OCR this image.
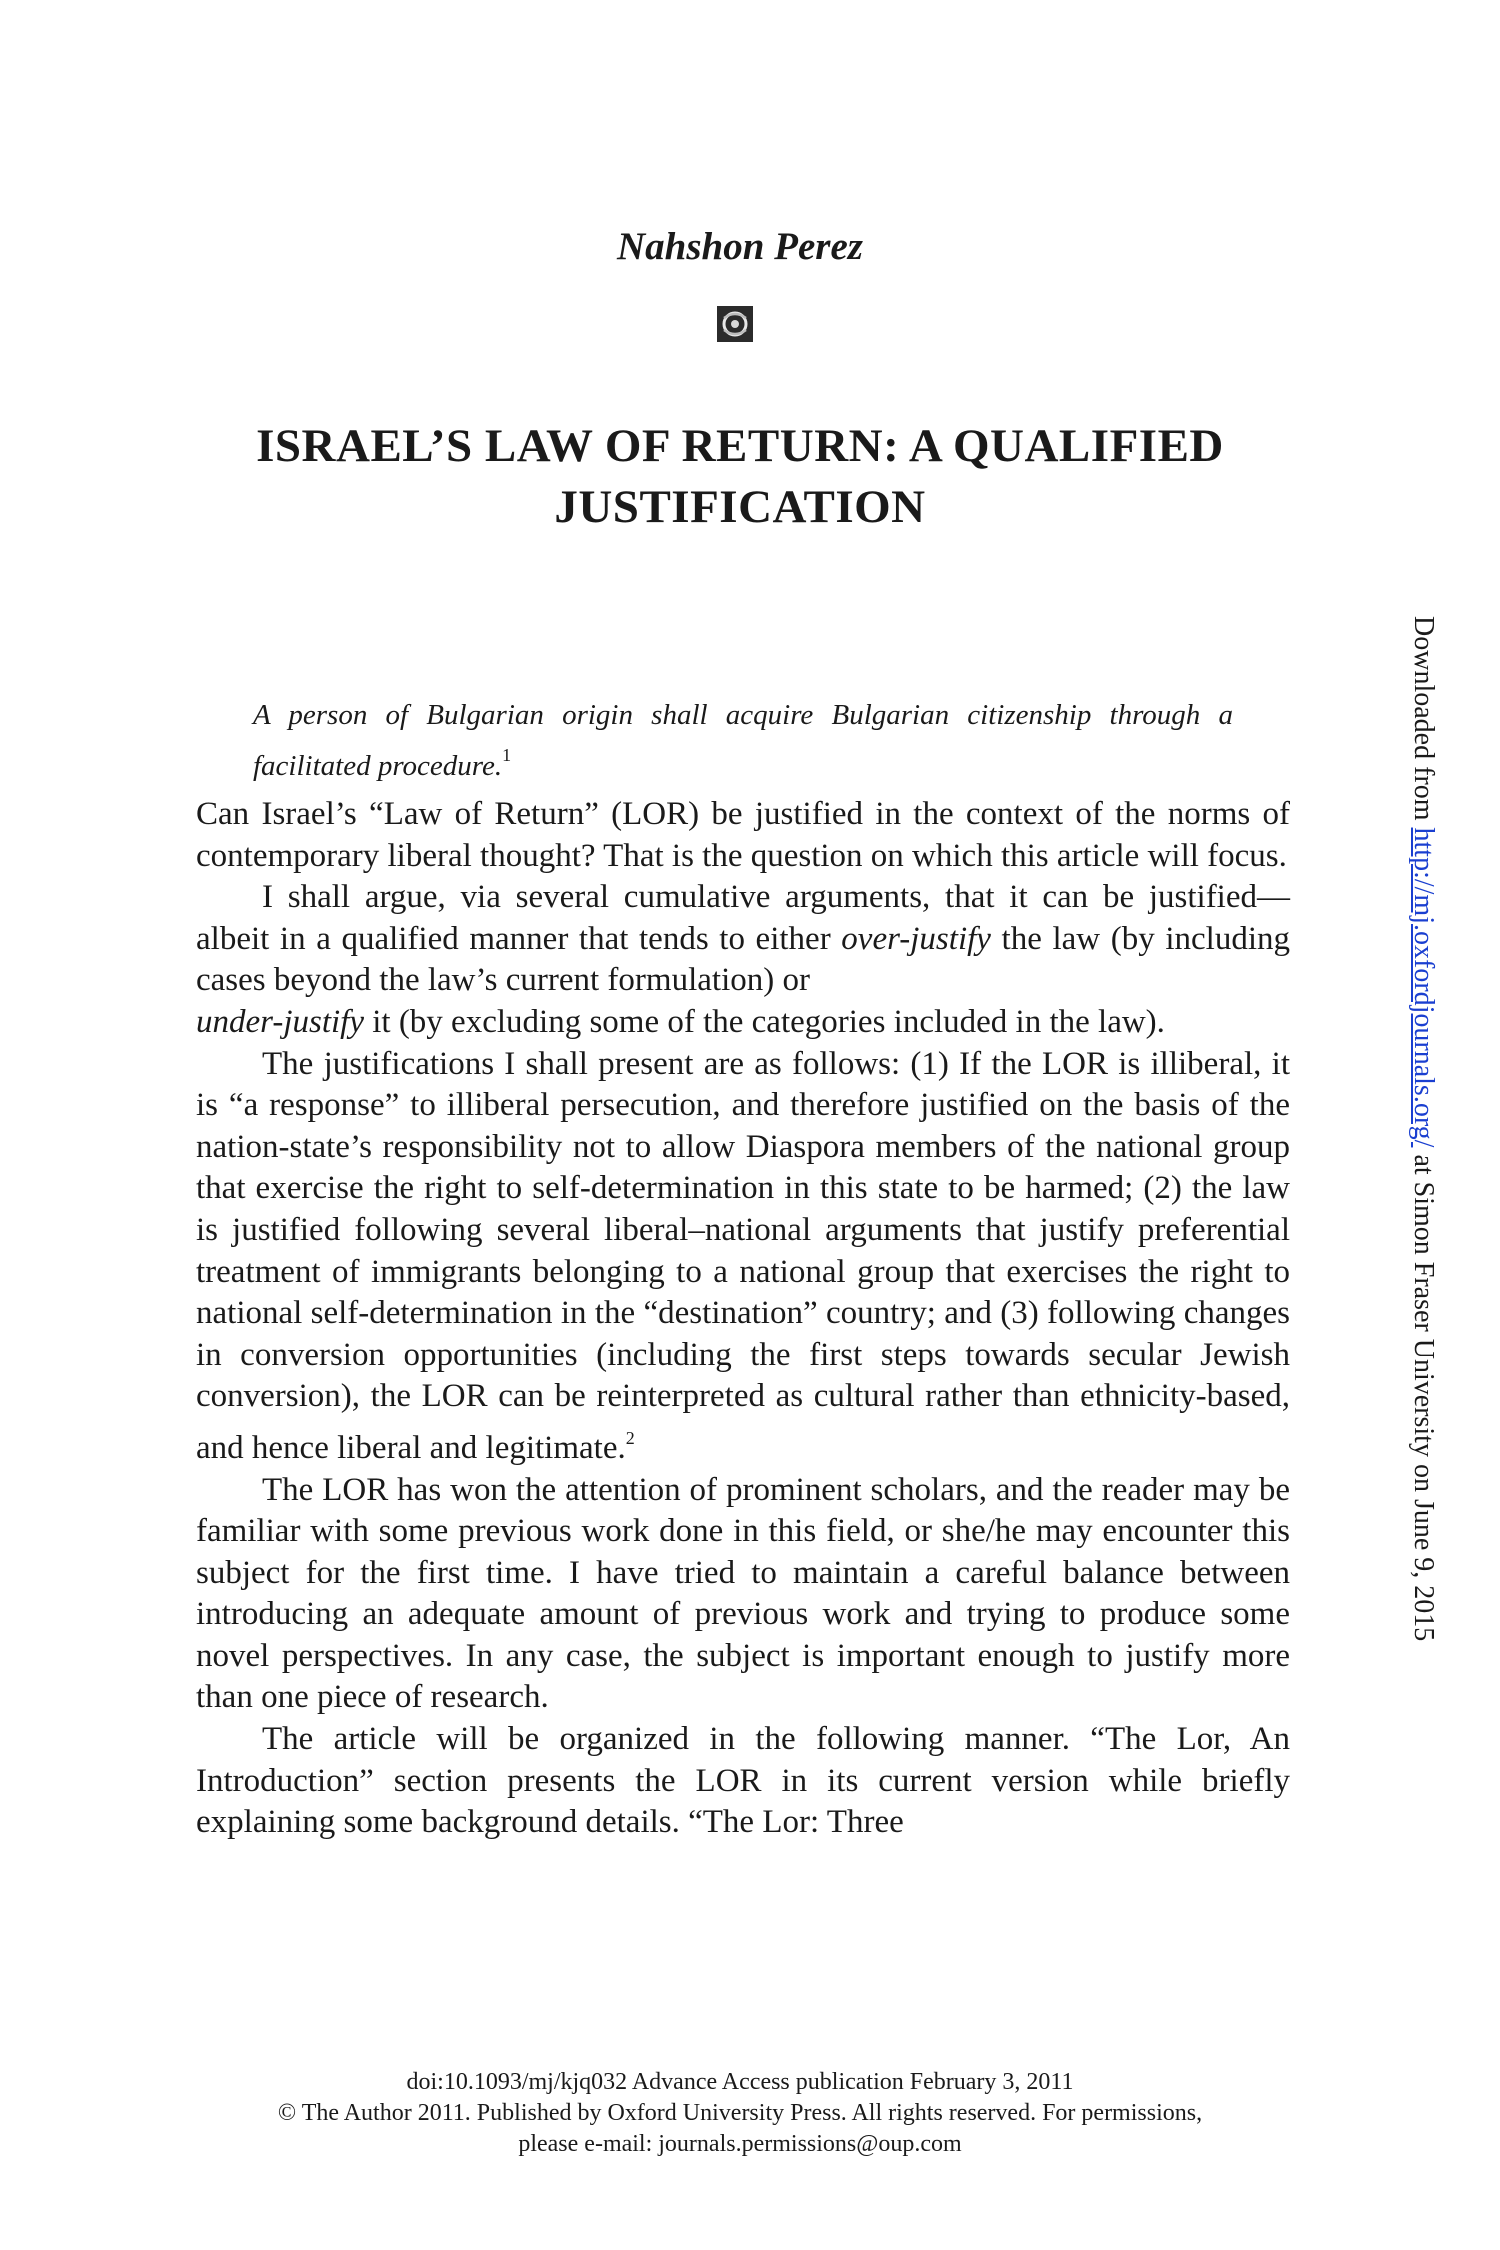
Nahshon Perez
ISRAEL’S LAW OF RETURN: A QUALIFIED
JUSTIFICATION
A person of Bulgarian origin shall acquire Bulgarian citizenship through a facilitated procedure.$^1$

Can Israel’s “Law of Return” (LOR) be justified in the context of the norms of contemporary liberal thought? That is the question on which this article will focus.

I shall argue, via several cumulative arguments, that it can be justified—albeit in a qualified manner that tends to either over-justify the law (by including cases beyond the law’s current formulation) or
under-justify it (by excluding some of the categories included in the law).

The justifications I shall present are as follows: (1) If the LOR is illiberal, it is “a response” to illiberal persecution, and therefore justified on the basis of the nation-state’s responsibility not to allow Diaspora members of the national group that exercise the right to self-determination in this state to be harmed; (2) the law is justified following several liberal–national arguments that justify preferential treatment of immigrants belonging to a national group that exercises the right to national self-determination in the “destination” country; and (3) following changes in conversion opportunities (including the first steps towards secular Jewish conversion), the LOR can be reinterpreted as cultural rather than ethnicity-based, and hence liberal and legitimate.$^2$

The LOR has won the attention of prominent scholars, and the reader may be familiar with some previous work done in this field, or she/he may encounter this subject for the first time. I have tried to maintain a careful balance between introducing an adequate amount of previous work and trying to produce some novel perspectives. In any case, the subject is important enough to justify more than one piece of research.

The article will be organized in the following manner. “The Lor, An Introduction” section presents the LOR in its current version while briefly explaining some background details. “The Lor: Three

doi:10.1093/mj/kjq032 Advance Access publication February 3, 2011
© The Author 2011. Published by Oxford University Press. All rights reserved. For permissions,
please e-mail: journals.permissions@oup.com
Downloaded from http://mj.oxfordjournals.org/ at Simon Fraser University on June 9, 2015
